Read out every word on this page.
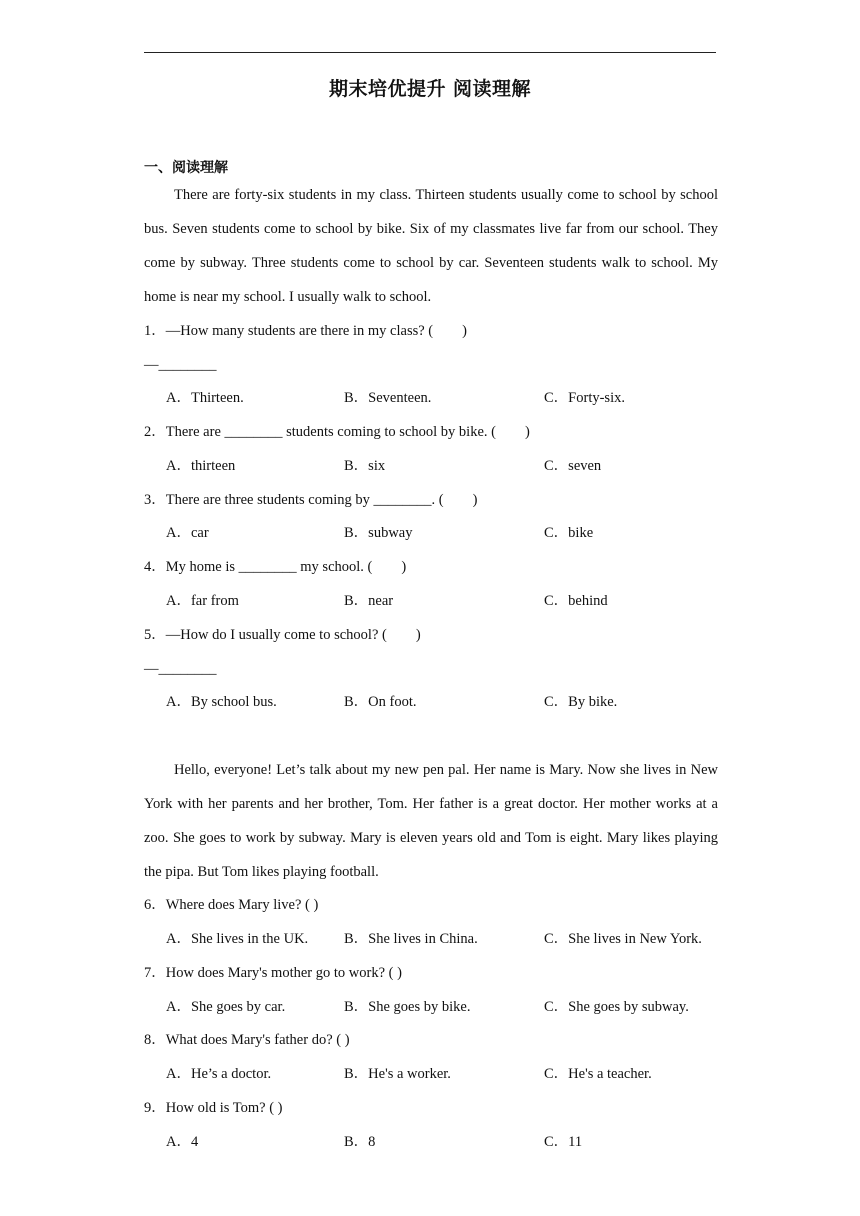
期末培优提升 阅读理解
一、阅读理解

There are forty-six students in my class. Thirteen students usually come to school by school bus. Seven students come to school by bike. Six of my classmates live far from our school. They come by subway. Three students come to school by car. Seventeen students walk to school. My home is near my school. I usually walk to school.

1．—How many students are there in my class? (　　)
—________
A．Thirteen.	B．Seventeen.	C．Forty-six.
2．There are ________ students coming to school by bike. (　　)
A．thirteen	B．six	C．seven
3．There are three students coming by ________. (　　)
A．car	B．subway	C．bike
4．My home is ________ my school. (　　)
A．far from	B．near	C．behind
5．—How do I usually come to school? (　　)
—________
A．By school bus.	B．On foot.	C．By bike.

Hello, everyone! Let’s talk about my new pen pal. Her name is Mary. Now she lives in New York with her parents and her brother, Tom. Her father is a great doctor. Her mother works at a zoo. She goes to work by subway. Mary is eleven years old and Tom is eight. Mary likes playing the pipa. But Tom likes playing football.

6．Where does Mary live? ( )
A．She lives in the UK. B．She lives in China.	C．She lives in New York.
7．How does Mary's mother go to work? ( )
A．She goes by car.	B．She goes by bike.	C．She goes by subway.
8．What does Mary's father do? ( )
A．He’s a doctor.	B．He's a worker.	C．He's a teacher.
9．How old is Tom? ( )
A．4	B．8	C．11
